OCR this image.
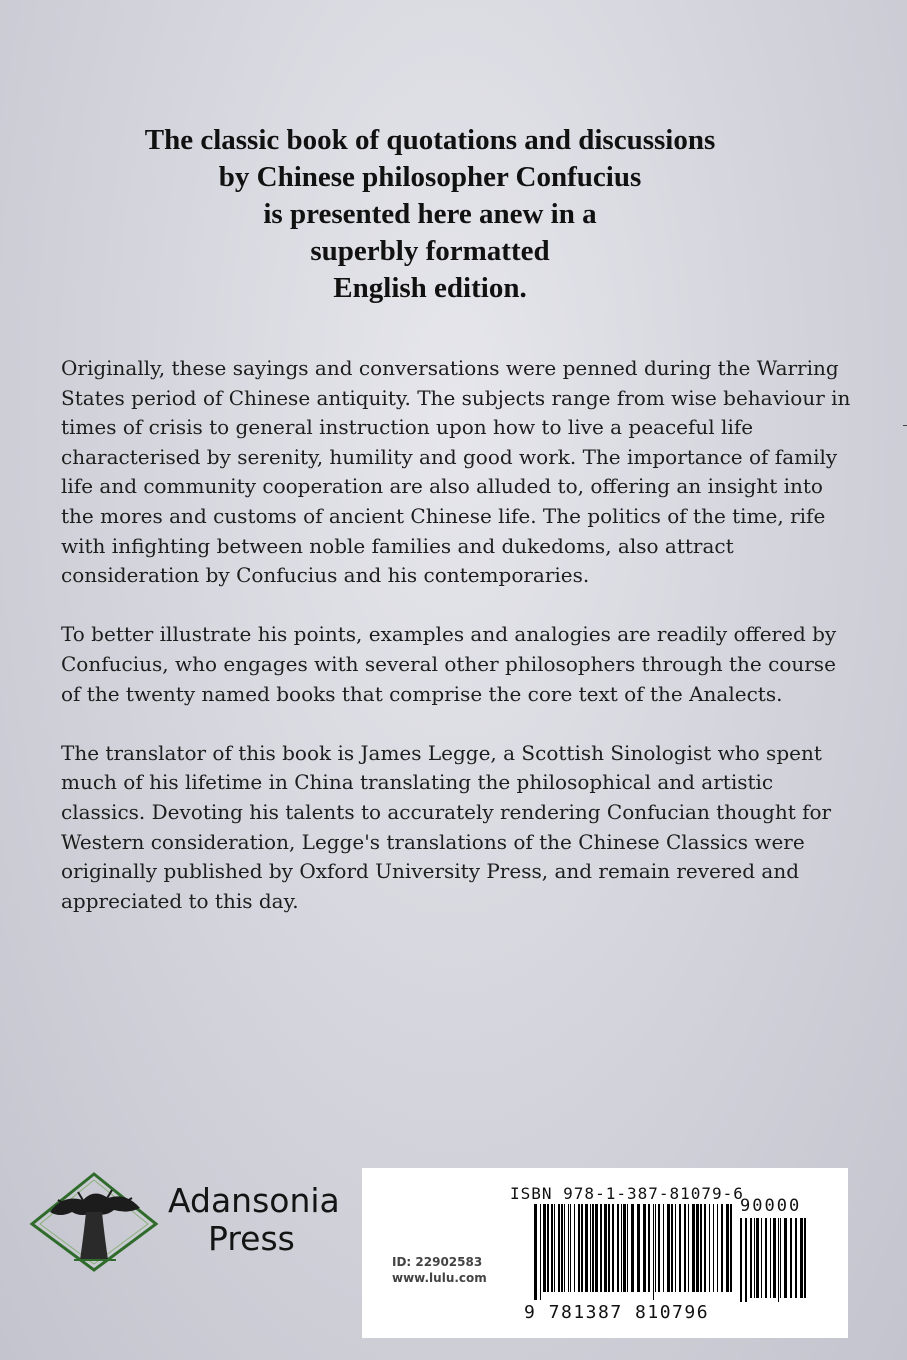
The classic book of quotations and discussions
by Chinese philosopher Confucius
is presented here anew in a
superbly formatted
English edition.

Originally, these sayings and conversations were penned during the Warring States period of Chinese antiquity. The subjects range from wise behaviour in times of crisis to general instruction upon how to live a peaceful life characterised by serenity, humility and good work. The importance of family life and community cooperation are also alluded to, offering an insight into the mores and customs of ancient Chinese life. The politics of the time, rife with infighting between noble families and dukedoms, also attract consideration by Confucius and his contemporaries.

To better illustrate his points, examples and analogies are readily offered by Confucius, who engages with several other philosophers through the course of the twenty named books that comprise the core text of the Analects.

The translator of this book is James Legge, a Scottish Sinologist who spent much of his lifetime in China translating the philosophical and artistic classics. Devoting his talents to accurately rendering Confucian thought for Western consideration, Legge's translations of the Chinese Classics were originally published by Oxford University Press, and remain revered and appreciated to this day.

Adansonia
Press
ISBN 978-1-387-81079-6
90000
ID: 22902583
www.lulu.com
9 781387 810796
